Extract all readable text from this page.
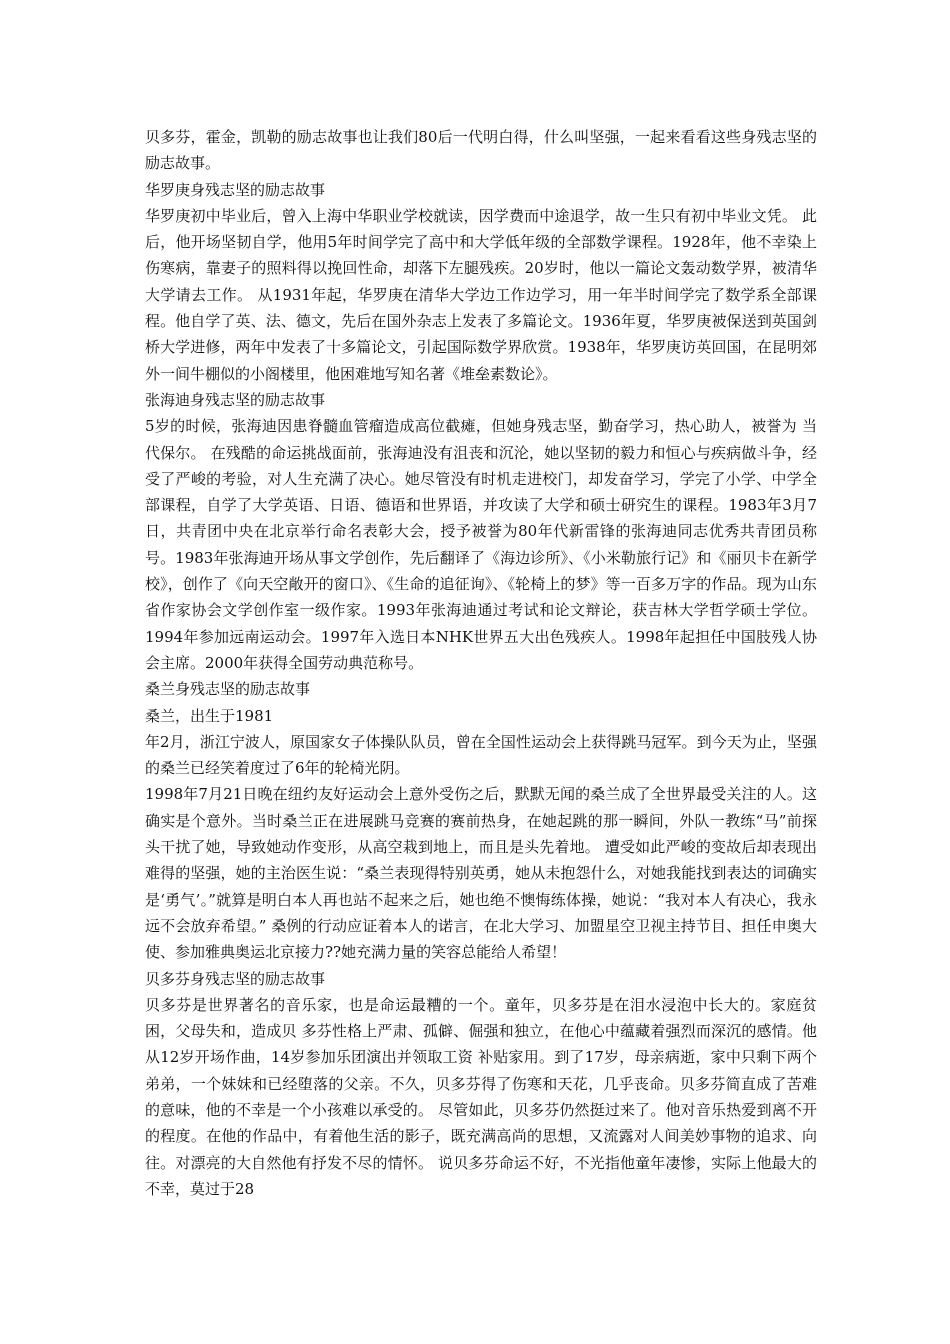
贝多芬，霍金，凯勒的励志故事也让我们80后一代明白得，什么叫坚强，一起来看看这些身残志坚的励志故事。

华罗庚身残志坚的励志故事

华罗庚初中毕业后，曾入上海中华职业学校就读，因学费而中途退学，故一生只有初中毕业文凭。 此后，他开场坚韧自学，他用5年时间学完了高中和大学低年级的全部数学课程。1928年，他不幸染上伤寒病，靠妻子的照料得以挽回性命，却落下左腿残疾。20岁时，他以一篇论文轰动数学界，被清华大学请去工作。 从1931年起，华罗庚在清华大学边工作边学习，用一年半时间学完了数学系全部课程。他自学了英、法、德文，先后在国外杂志上发表了多篇论文。1936年夏，华罗庚被保送到英国剑桥大学进修，两年中发表了十多篇论文，引起国际数学界欣赏。1938年，华罗庚访英回国，在昆明郊外一间牛棚似的小阁楼里，他困难地写知名著《堆垒素数论》。

张海迪身残志坚的励志故事

5岁的时候，张海迪因患脊髓血管瘤造成高位截瘫，但她身残志坚，勤奋学习，热心助人，被誉为 当代保尔。 在残酷的命运挑战面前，张海迪没有沮丧和沉沦，她以坚韧的毅力和恒心与疾病做斗争，经受了严峻的考验，对人生充满了决心。她尽管没有时机走进校门，却发奋学习，学完了小学、中学全部课程，自学了大学英语、日语、德语和世界语，并攻读了大学和硕士研究生的课程。1983年3月7日，共青团中央在北京举行命名表彰大会，授予被誉为80年代新雷锋的张海迪同志优秀共青团员称号。1983年张海迪开场从事文学创作，先后翻译了《海边诊所》、《小米勒旅行记》和《丽贝卡在新学校》，创作了《向天空敞开的窗口》、《生命的追征询》、《轮椅上的梦》等一百多万字的作品。现为山东省作家协会文学创作室一级作家。1993年张海迪通过考试和论文辩论，获吉林大学哲学硕士学位。1994年参加远南运动会。1997年入选日本NHK世界五大出色残疾人。1998年起担任中国肢残人协会主席。2000年获得全国劳动典范称号。

桑兰身残志坚的励志故事

桑兰，出生于1981

年2月，浙江宁波人，原国家女子体操队队员，曾在全国性运动会上获得跳马冠军。到今天为止，坚强的桑兰已经笑着度过了6年的轮椅光阴。

1998年7月21日晚在纽约友好运动会上意外受伤之后，默默无闻的桑兰成了全世界最受关注的人。这确实是个意外。当时桑兰正在进展跳马竞赛的赛前热身，在她起跳的那一瞬间，外队一教练“马”前探头干扰了她，导致她动作变形，从高空栽到地上，而且是头先着地。 遭受如此严峻的变故后却表现出难得的坚强，她的主治医生说：“桑兰表现得特别英勇，她从未抱怨什么，对她我能找到表达的词确实是‘勇气’。”就算是明白本人再也站不起来之后，她也绝不懊悔练体操，她说：“我对本人有决心，我永远不会放弃希望。” 桑例的行动应证着本人的诺言，在北大学习、加盟星空卫视主持节目、担任申奥大使、参加雅典奥运北京接力??她充满力量的笑容总能给人希望！

贝多芬身残志坚的励志故事

贝多芬是世界著名的音乐家，也是命运最糟的一个。童年，贝多芬是在泪水浸泡中长大的。家庭贫困，父母失和，造成贝 多芬性格上严肃、孤僻、倔强和独立，在他心中蕴藏着强烈而深沉的感情。他从12岁开场作曲，14岁参加乐团演出并领取工资 补贴家用。到了17岁，母亲病逝，家中只剩下两个弟弟，一个妹妹和已经堕落的父亲。不久，贝多芬得了伤寒和天花，几乎丧命。贝多芬简直成了苦难的意味，他的不幸是一个小孩难以承受的。 尽管如此，贝多芬仍然挺过来了。他对音乐热爱到离不开的程度。在他的作品中，有着他生活的影子，既充满高尚的思想，又流露对人间美妙事物的追求、向往。对漂亮的大自然他有抒发不尽的情怀。 说贝多芬命运不好，不光指他童年凄惨，实际上他最大的不幸，莫过于28
